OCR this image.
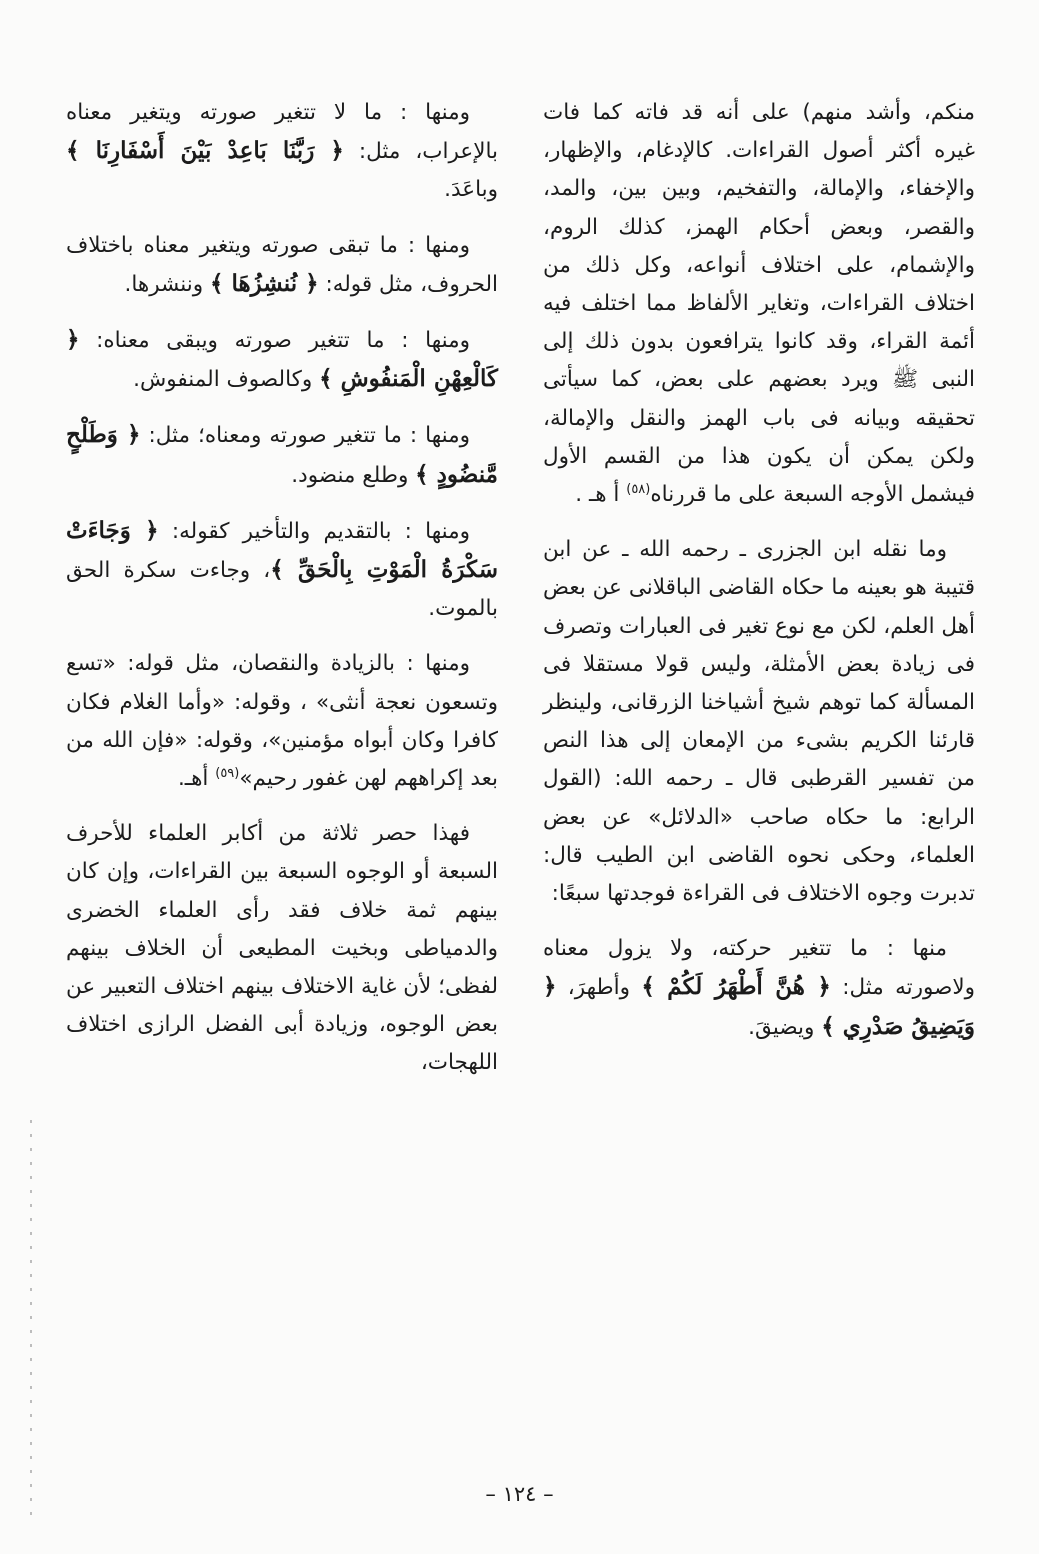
منكم، وأشد منهم) على أنه قد فاته كما فات غيره أكثر أصول القراءات. كالإدغام، والإظهار، والإخفاء، والإمالة، والتفخيم، وبين بين، والمد، والقصر، وبعض أحكام الهمز، كذلك الروم، والإشمام، على اختلاف أنواعه، وكل ذلك من اختلاف القراءات، وتغاير الألفاظ مما اختلف فيه أئمة القراء، وقد كانوا يترافعون بدون ذلك إلى النبى ﷺ ويرد بعضهم على بعض، كما سيأتى تحقيقه وبيانه فى باب الهمز والنقل والإمالة، ولكن يمكن أن يكون هذا من القسم الأول فيشمل الأوجه السبعة على ما قررناه$^{(٥٨)}$ أ هـ .

وما نقله ابن الجزرى ـ رحمه الله ـ عن ابن قتيبة هو بعينه ما حكاه القاضى الباقلانى عن بعض أهل العلم، لكن مع نوع تغير فى العبارات وتصرف فى زيادة بعض الأمثلة، وليس قولا مستقلا فى المسألة كما توهم شيخ أشياخنا الزرقانى، ولينظر قارئنا الكريم بشىء من الإمعان إلى هذا النص من تفسير القرطبى قال ـ رحمه الله: (القول الرابع: ما حكاه صاحب «الدلائل» عن بعض العلماء، وحكى نحوه القاضى ابن الطيب قال: تدبرت وجوه الاختلاف فى القراءة فوجدتها سبعًا:

منها : ما تتغير حركته، ولا يزول معناه ولاصورته مثل: ﴿ هُنَّ أَطْهَرُ لَكُمْ ﴾ وأطهرَ، ﴿ وَيَضِيقُ صَدْرِي ﴾ ويضيقَ.

ومنها : ما لا تتغير صورته ويتغير معناه بالإعراب، مثل: ﴿ رَبَّنَا بَاعِدْ بَيْنَ أَسْفَارِنَا ﴾ وباعَدَ.

ومنها : ما تبقى صورته ويتغير معناه باختلاف الحروف، مثل قوله: ﴿ نُنشِزُهَا ﴾ وننشرها.

ومنها : ما تتغير صورته ويبقى معناه: ﴿ كَالْعِهْنِ الْمَنفُوشِ ﴾ وكالصوف المنفوش.

ومنها : ما تتغير صورته ومعناه؛ مثل: ﴿ وَطَلْحٍ مَّنضُودٍ ﴾ وطلع منضود.

ومنها : بالتقديم والتأخير كقوله: ﴿ وَجَاءَتْ سَكْرَةُ الْمَوْتِ بِالْحَقِّ ﴾، وجاءت سكرة الحق بالموت.

ومنها : بالزيادة والنقصان، مثل قوله: «تسع وتسعون نعجة أنثى» ، وقوله: «وأما الغلام فكان كافرا وكان أبواه مؤمنين»، وقوله: «فإن الله من بعد إكراههم لهن غفور رحيم»$^{(٥٩)}$ أهـ.

فهذا حصر ثلاثة من أكابر العلماء للأحرف السبعة أو الوجوه السبعة بين القراءات، وإن كان بينهم ثمة خلاف فقد رأى العلماء الخضرى والدمياطى وبخيت المطيعى أن الخلاف بينهم لفظى؛ لأن غاية الاختلاف بينهم اختلاف التعبير عن بعض الوجوه، وزيادة أبى الفضل الرازى اختلاف اللهجات،

– ١٢٤ –
